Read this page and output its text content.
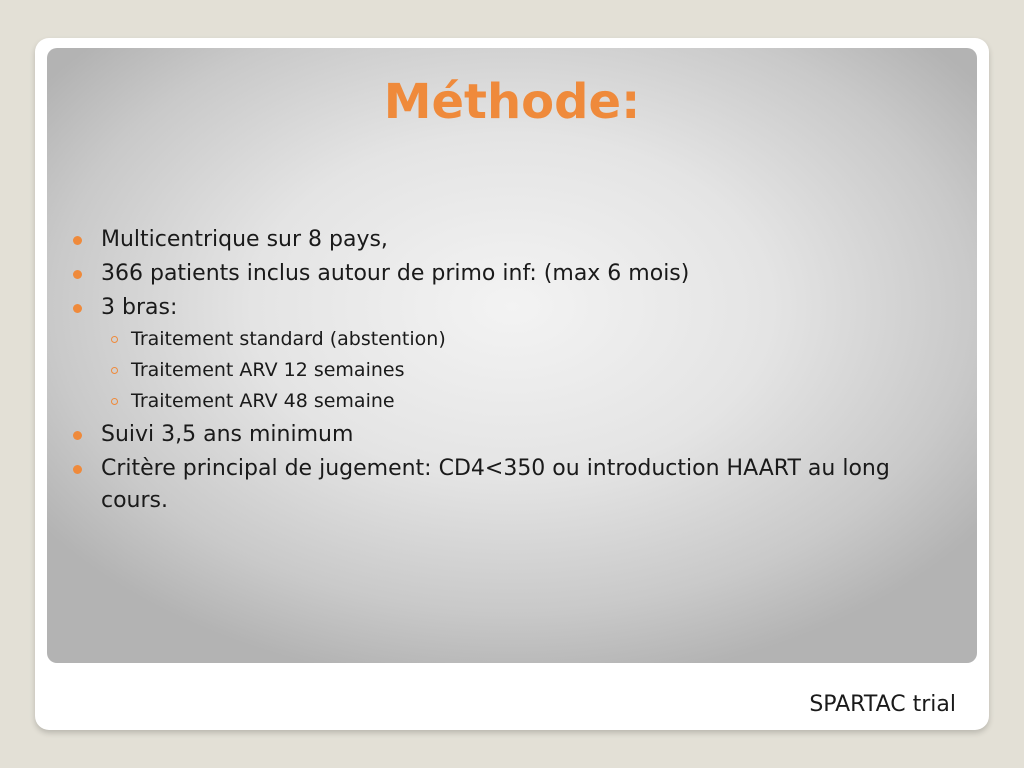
Méthode:
Multicentrique sur 8 pays,
366 patients inclus autour de primo inf: (max 6 mois)
3 bras:
Traitement standard (abstention)
Traitement ARV 12 semaines
Traitement ARV 48 semaine
Suivi 3,5 ans minimum
Critère principal de jugement: CD4<350 ou introduction HAART au long cours.
SPARTAC trial
